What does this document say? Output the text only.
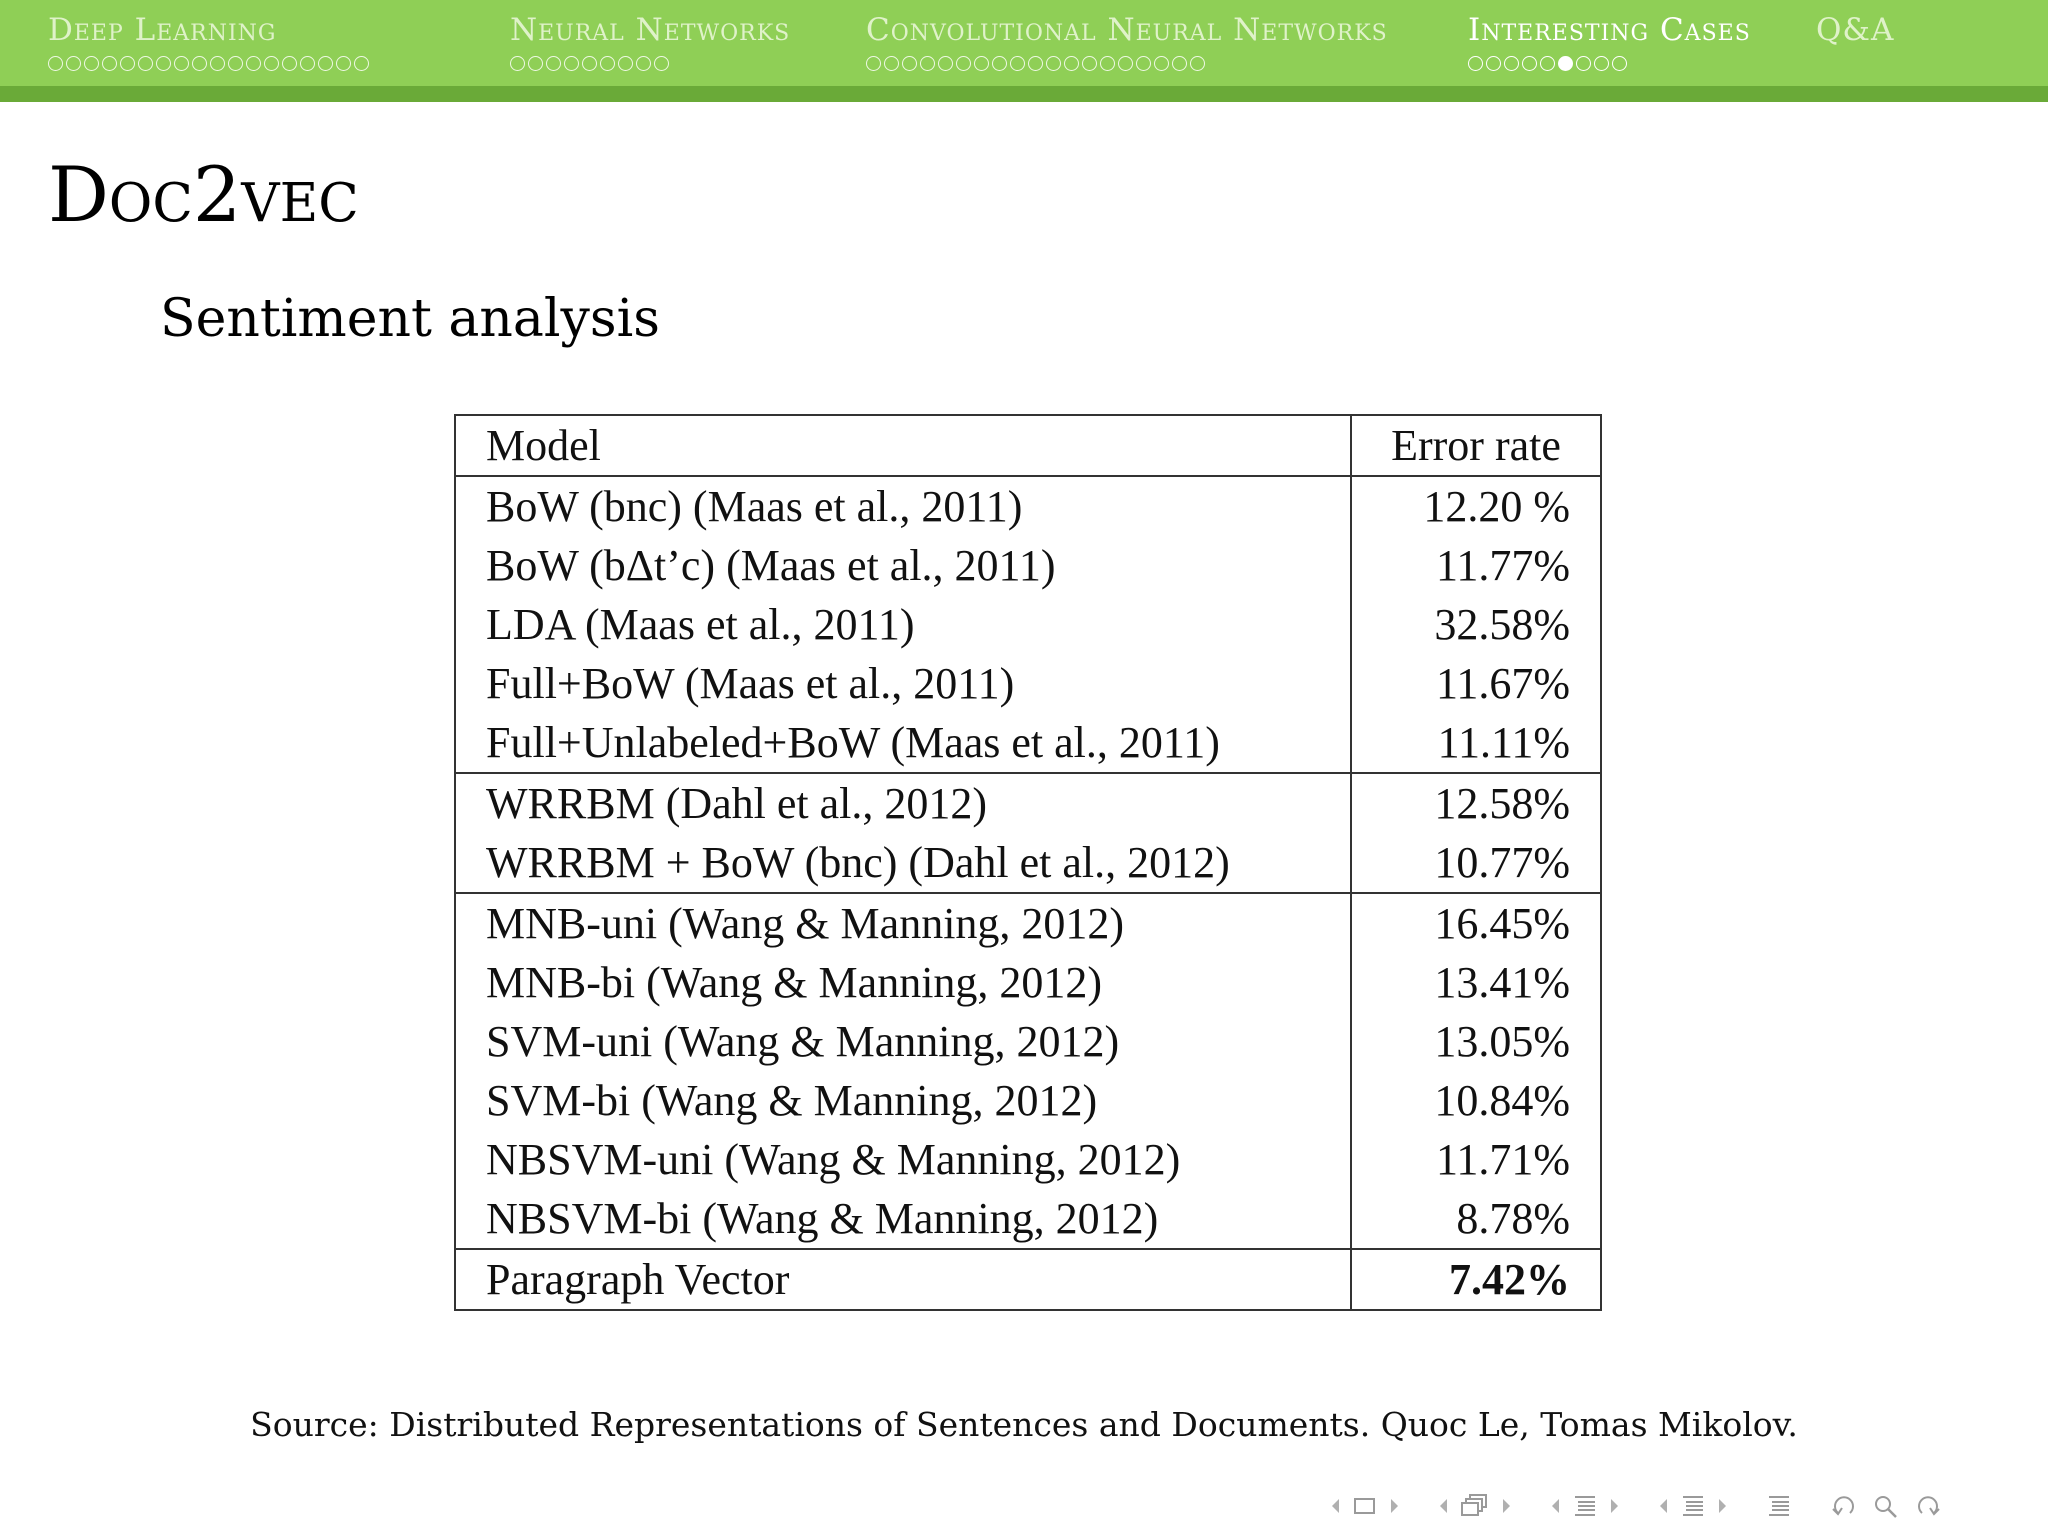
Deep Learning	Neural Networks Convolutional Neural Networks	Interesting Cases Q&A
Doc2vec
Sentiment analysis
Model	Error rate
BoW (bnc) (Maas et al., 2011)	12.20 %
BoW (bΔt’c) (Maas et al., 2011)	11.77%
LDA (Maas et al., 2011)	32.58%
Full+BoW (Maas et al., 2011)	11.67%
Full+Unlabeled+BoW (Maas et al., 2011)	11.11%
WRRBM (Dahl et al., 2012)	12.58%
WRRBM + BoW (bnc) (Dahl et al., 2012)	10.77%
MNB-uni (Wang & Manning, 2012)	16.45%
MNB-bi (Wang & Manning, 2012)	13.41%
SVM-uni (Wang & Manning, 2012)	13.05%
SVM-bi (Wang & Manning, 2012)	10.84%
NBSVM-uni (Wang & Manning, 2012)	11.71%
NBSVM-bi (Wang & Manning, 2012)	8.78%
Paragraph Vector	7.42%
Source: Distributed Representations of Sentences and Documents. Quoc Le, Tomas Mikolov.
